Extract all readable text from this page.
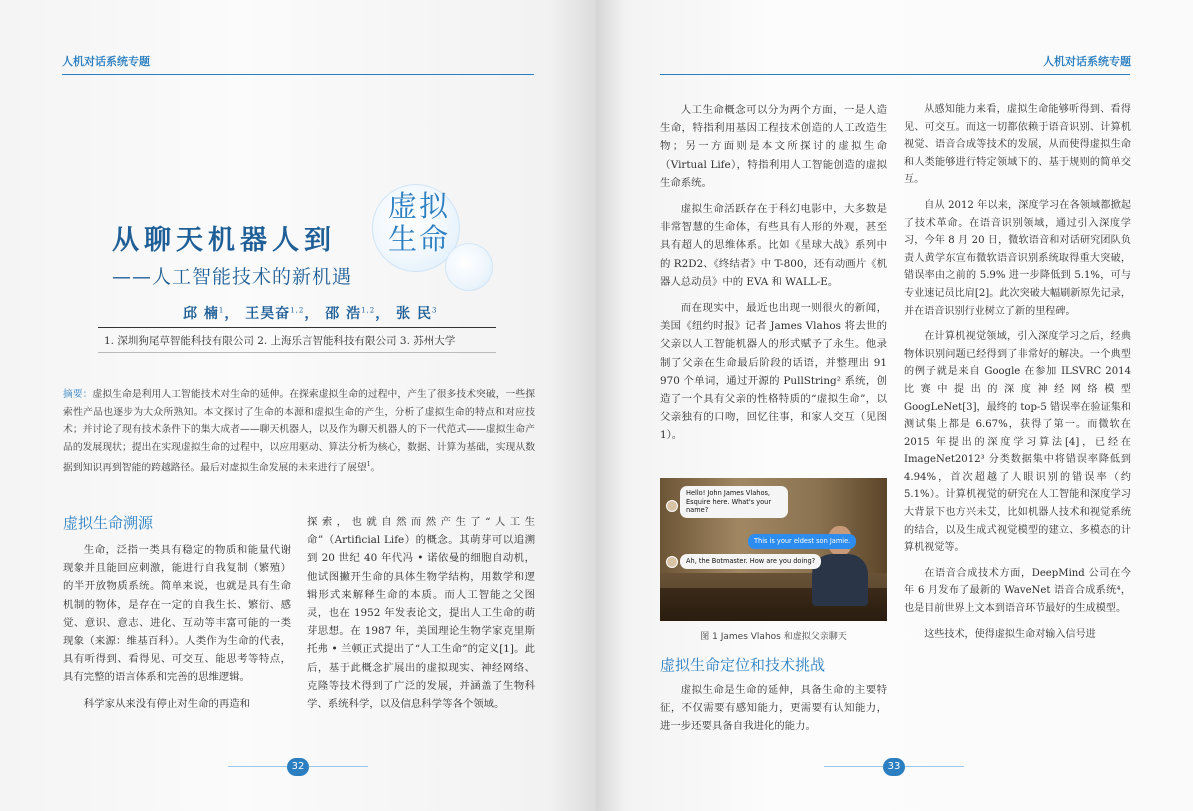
人机对话系统专题
从聊天机器人到
虚拟生命
——人工智能技术的新机遇
邱 楠$^1$， 王昊奋$^{1,2}$， 邵 浩$^{1,2}$， 张 民$^3$
1. 深圳狗尾草智能科技有限公司 2. 上海乐言智能科技有限公司 3. 苏州大学
摘要：虚拟生命是利用人工智能技术对生命的延伸。在探索虚拟生命的过程中，产生了很多技术突破，一些探索性产品也逐步为大众所熟知。本文探讨了生命的本源和虚拟生命的产生，分析了虚拟生命的特点和对应技术；并讨论了现有技术条件下的集大成者——聊天机器人，以及作为聊天机器人的下一代范式——虚拟生命产品的发展现状；提出在实现虚拟生命的过程中，以应用驱动、算法分析为核心，数据、计算为基础，实现从数据到知识再到智能的跨越路径。最后对虚拟生命发展的未来进行了展望$^1$。
虚拟生命溯源

生命，泛指一类具有稳定的物质和能量代谢现象并且能回应刺激，能进行自我复制（繁殖）的半开放物质系统。简单来说，也就是具有生命机制的物体，是存在一定的自我生长、繁衍、感觉、意识、意志、进化、互动等丰富可能的一类现象（来源：维基百科）。人类作为生命的代表，具有听得到、看得见、可交互、能思考等特点，具有完整的语言体系和完善的思维逻辑。

科学家从来没有停止对生命的再造和

探索，也就自然而然产生了“人工生命”（Artificial Life）的概念。其萌芽可以追溯到 20 世纪 40 年代冯 • 诺依曼的细胞自动机，他试图撇开生命的具体生物学结构，用数学和逻辑形式来解释生命的本质。而人工智能之父图灵，也在 1952 年发表论文，提出人工生命的萌芽思想。在 1987 年，美国理论生物学家克里斯托弗 • 兰顿正式提出了“人工生命”的定义[1]。此后，基于此概念扩展出的虚拟现实、神经网络、克隆等技术得到了广泛的发展，并涵盖了生物科学、系统科学，以及信息科学等各个领域。

32
人机对话系统专题
33

人工生命概念可以分为两个方面，一是人造生命，特指利用基因工程技术创造的人工改造生物；另一方面则是本文所探讨的虚拟生命（Virtual Life），特指利用人工智能创造的虚拟生命系统。

虚拟生命活跃存在于科幻电影中，大多数是非常智慧的生命体，有些具有人形的外观，甚至具有超人的思维体系。比如《星球大战》系列中的 R2D2、《终结者》中 T-800，还有动画片《机器人总动员》中的 EVA 和 WALL-E。

而在现实中，最近也出现一则很火的新闻，美国《纽约时报》记者 James Vlahos 将去世的父亲以人工智能机器人的形式赋予了永生。他录制了父亲在生命最后阶段的话语，并整理出 91 970 个单词，通过开源的 PullString² 系统，创造了一个具有父亲的性格特质的“虚拟生命”，以父亲独有的口吻，回忆往事，和家人交互（见图 1）。

Hello! John James Vlahos, Esquire here. What's your name?
This is your eldest son Jamie.
Ah, the Botmaster. How are you doing?
图 1 James Vlahos 和虚拟父亲聊天
虚拟生命定位和技术挑战

虚拟生命是生命的延伸，具备生命的主要特征，不仅需要有感知能力，更需要有认知能力，进一步还要具备自我进化的能力。

从感知能力来看，虚拟生命能够听得到、看得见、可交互。而这一切都依赖于语音识别、计算机视觉、语音合成等技术的发展，从而使得虚拟生命和人类能够进行特定领域下的、基于规则的简单交互。

自从 2012 年以来，深度学习在各领域都掀起了技术革命。在语音识别领域，通过引入深度学习，今年 8 月 20 日，微软语音和对话研究团队负责人黄学东宣布微软语音识别系统取得重大突破，错误率由之前的 5.9% 进一步降低到 5.1%，可与专业速记员比肩[2]。此次突破大幅刷新原先记录，并在语音识别行业树立了新的里程碑。

在计算机视觉领域，引入深度学习之后，经典物体识别问题已经得到了非常好的解决。一个典型的例子就是来自 Google 在参加 ILSVRC 2014 比赛中提出的深度神经网络模型 GoogLeNet[3]，最终的 top-5 错误率在验证集和测试集上都是 6.67%，获得了第一。而微软在 2015 年提出的深度学习算法[4]，已经在 ImageNet2012³ 分类数据集中将错误率降低到 4.94%，首次超越了人眼识别的错误率（约 5.1%）。计算机视觉的研究在人工智能和深度学习大背景下也方兴未艾，比如机器人技术和视觉系统的结合，以及生成式视觉模型的建立、多模态的计算机视觉等。

在语音合成技术方面，DeepMind 公司在今年 6 月发布了最新的 WaveNet 语音合成系统⁴，也是目前世界上文本到语音环节最好的生成模型。

这些技术，使得虚拟生命对输入信号进
